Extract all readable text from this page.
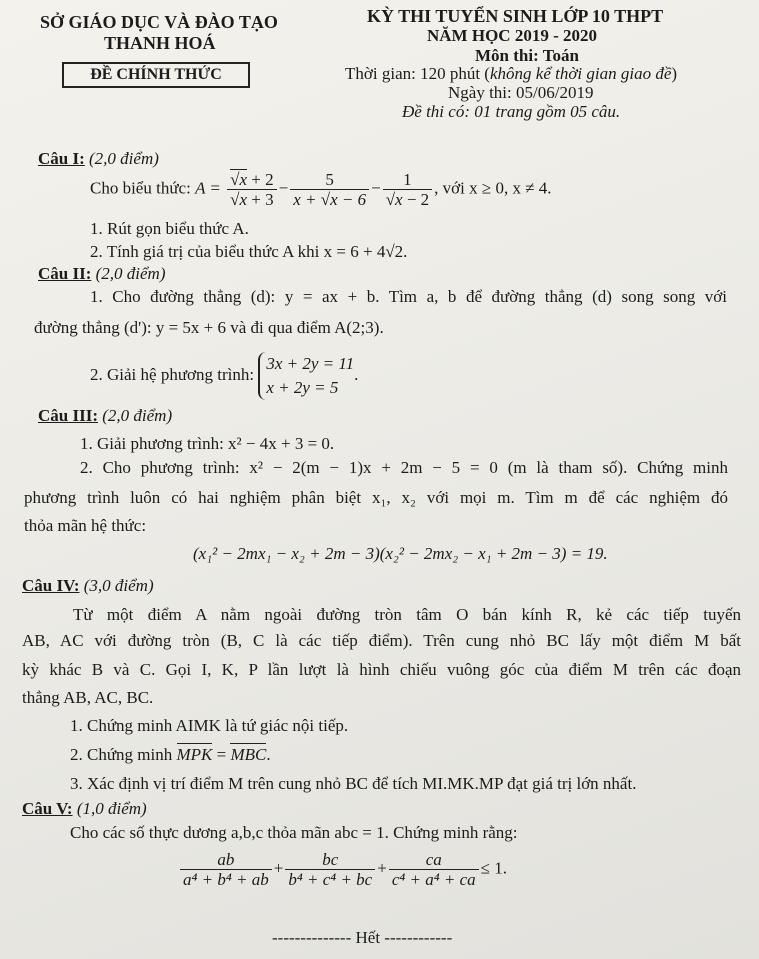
SỞ GIÁO DỤC VÀ ĐÀO TẠO
THANH HOÁ
ĐỀ CHÍNH THỨC
KỲ THI TUYỂN SINH LỚP 10 THPT
NĂM HỌC 2019 - 2020
Môn thi: Toán
Thời gian: 120 phút (không kể thời gian giao đề)
Ngày thi: 05/06/2019
Đề thi có: 01 trang gồm 05 câu.
Câu I: (2,0 điểm)
Cho biểu thức: $A = \frac{√x + 2}{√x + 3} - \frac{5}{x + √x - 6} - \frac{1}{√x - 2}$ , với x ≥ 0, x ≠ 4.
1. Rút gọn biểu thức A.
2. Tính giá trị của biểu thức A khi x = 6 + 4√2.
Câu II: (2,0 điểm)
1. Cho đường thẳng (d): y = ax + b. Tìm a, b để đường thẳng (d) song song với
đường thẳng (d'): y = 5x + 6 và đi qua điểm A(2;3).
2. Giải hệ phương trình:
3x + 2y = 11
x + 2y = 5
.
Câu III: (2,0 điểm)
1. Giải phương trình: x² − 4x + 3 = 0.
2. Cho phương trình: x² − 2(m − 1)x + 2m − 5 = 0 (m là tham số). Chứng minh
phương trình luôn có hai nghiệm phân biệt x₁, x₂ với mọi m. Tìm m để các nghiệm đó
thỏa mãn hệ thức:
(x₁² − 2mx₁ − x₂ + 2m − 3)(x₂² − 2mx₂ − x₁ + 2m − 3) = 19.
Câu IV: (3,0 điểm)
Từ một điểm A nằm ngoài đường tròn tâm O bán kính R, kẻ các tiếp tuyến
AB, AC với đường tròn (B, C là các tiếp điểm). Trên cung nhỏ BC lấy một điểm M bất
kỳ khác B và C. Gọi I, K, P lần lượt là hình chiếu vuông góc của điểm M trên các đoạn
thẳng AB, AC, BC.
1. Chứng minh AIMK là tứ giác nội tiếp.
2. Chứng minh MPK = MBC.
3. Xác định vị trí điểm M trên cung nhỏ BC để tích MI.MK.MP đạt giá trị lớn nhất.
Câu V: (1,0 điểm)
Cho các số thực dương a,b,c thỏa mãn abc = 1. Chứng minh rằng:
$\frac{ab}{\text{a⁴ + b⁴ + ab}} + \frac{bc}{\text{b⁴ + c⁴ + bc}} + \frac{ca}{\text{c⁴ + a⁴ + ca}} \le 1$.
-------------- Hết ------------
